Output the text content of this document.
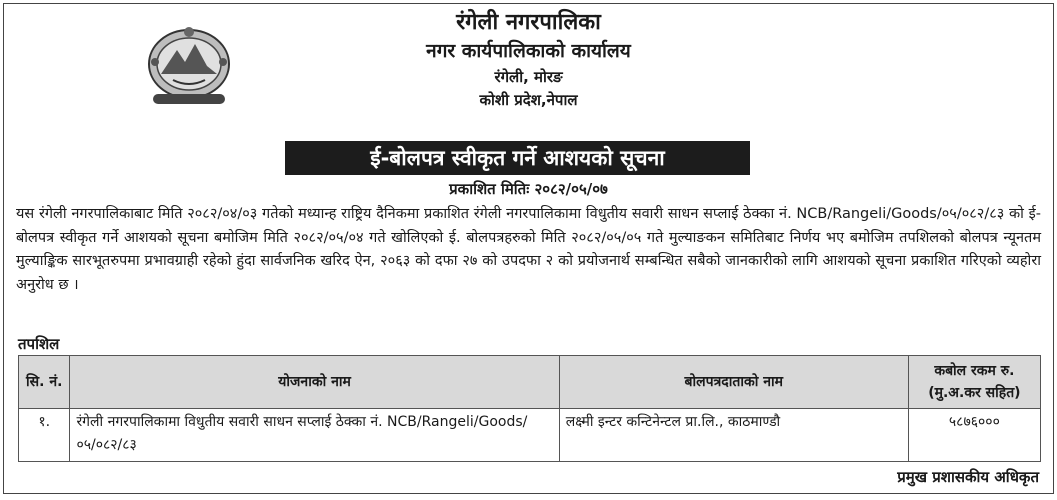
रंगेली नगरपालिका
नगर कार्यपालिकाको कार्यालय
रंगेली, मोरङ
कोशी प्रदेश,नेपाल
ई-बोलपत्र स्वीकृत गर्ने आशयको सूचना
प्रकाशित मितिः २०८२/०५/०७
यस रंगेली नगरपालिकाबाट मिति २०८२/०४/०३ गतेको मध्यान्ह राष्ट्रिय दैनिकमा प्रकाशित रंगेली नगरपालिकामा विधुतीय सवारी साधन सप्लाई ठेक्का नं. NCB/Rangeli/Goods/०५/०८२/८३ को ई-बोलपत्र स्वीकृत गर्ने आशयको सूचना बमोजिम मिति २०८२/०५/०४ गते खोलिएको ई. बोलपत्रहरुको मिति २०८२/०५/०५ गते मुल्याङकन समितिबाट निर्णय भए बमोजिम तपशिलको बोलपत्र न्यूनतम मुल्याङ्किक सारभूतरुपमा प्रभावग्राही रहेको हुंदा सार्वजनिक खरिद ऐन, २०६३ को दफा २७ को उपदफा २ को प्रयोजनार्थ सम्बन्धित सबैको जानकारीको लागि आशयको सूचना प्रकाशित गरिएको व्यहोरा अनुरोध छ ।
तपशिल
सि. नं.	योजनाको नाम	बोलपत्रदाताको नाम	कबोल रकम रु. (मु.अ.कर सहित)
१.	रंगेली नगरपालिकामा विधुतीय सवारी साधन सप्लाई ठेक्का नं. NCB/Rangeli/Goods/ ०५/०८२/८३	लक्ष्मी इन्टर कन्टिनेन्टल प्रा.लि., काठमाण्डौ	५८७६०००
प्रमुख प्रशासकीय अधिकृत
